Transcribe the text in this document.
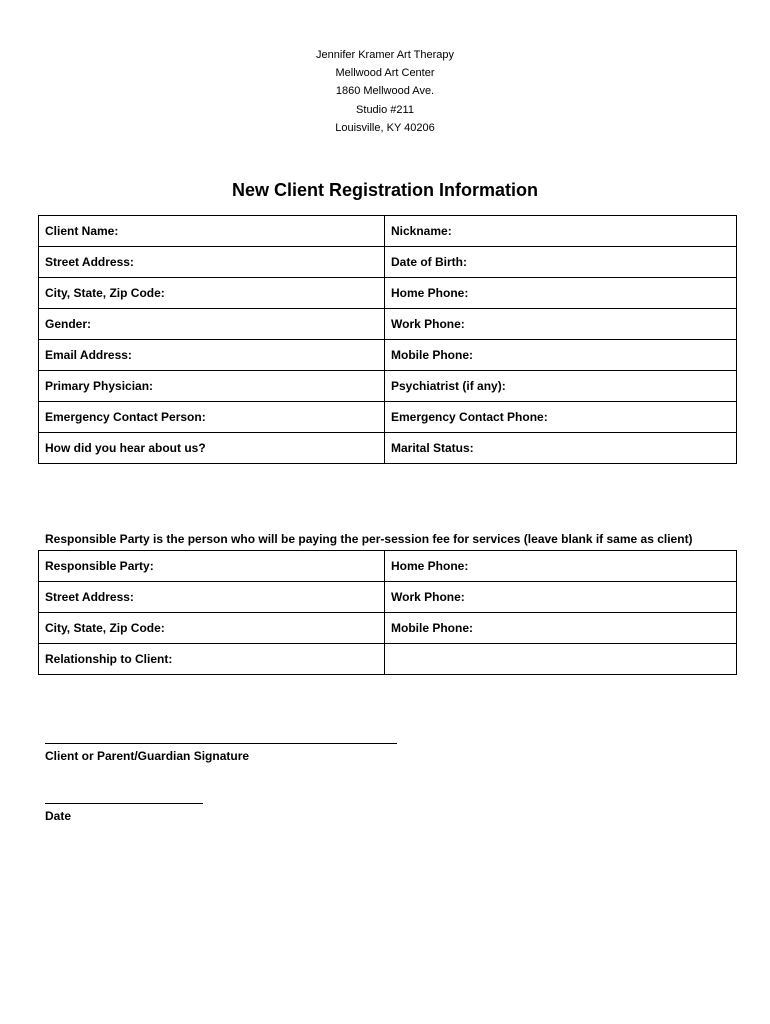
Jennifer Kramer Art Therapy
Mellwood Art Center
1860 Mellwood Ave.
Studio #211
Louisville, KY 40206
New Client Registration Information
Client Name:	Nickname:
Street Address:	Date of Birth:
City, State, Zip Code:	Home Phone:
Gender:	Work Phone:
Email Address:	Mobile Phone:
Primary Physician:	Psychiatrist (if any):
Emergency Contact Person:	Emergency Contact Phone:
How did you hear about us?	Marital Status:
Responsible Party is the person who will be paying the per-session fee for services (leave blank if same as client)
Responsible Party:	Home Phone:
Street Address:	Work Phone:
City, State, Zip Code:	Mobile Phone:
Relationship to Client:	
Client or Parent/Guardian Signature
Date
